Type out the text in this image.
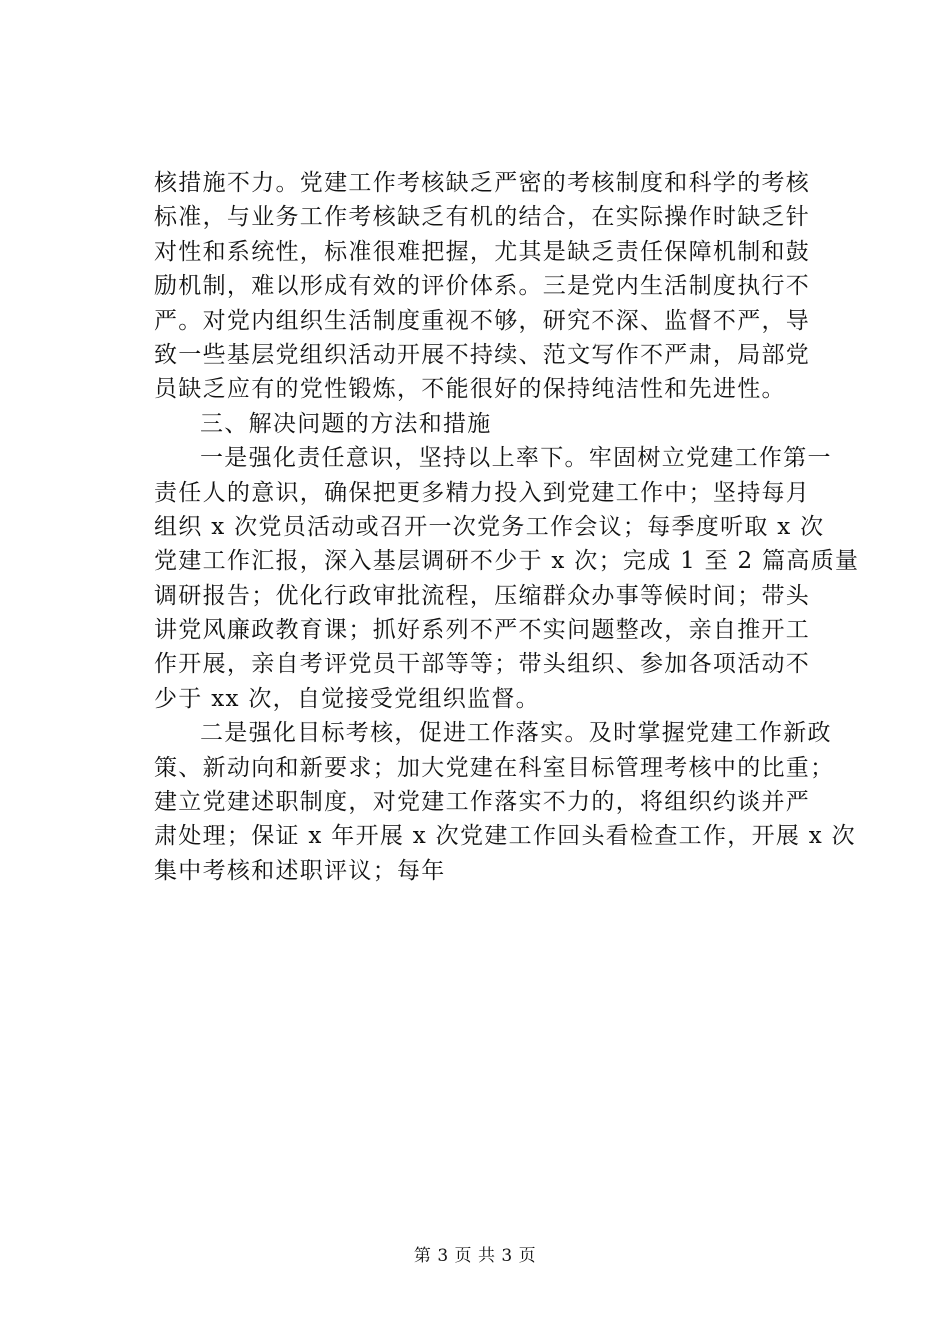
核措施不力。党建工作考核缺乏严密的考核制度和科学的考核
标准，与业务工作考核缺乏有机的结合，在实际操作时缺乏针
对性和系统性，标准很难把握，尤其是缺乏责任保障机制和鼓
励机制，难以形成有效的评价体系。三是党内生活制度执行不
严。对党内组织生活制度重视不够，研究不深、监督不严，导
致一些基层党组织活动开展不持续、范文写作不严肃，局部党
员缺乏应有的党性锻炼，不能很好的保持纯洁性和先进性。
三、解决问题的方法和措施
一是强化责任意识，坚持以上率下。牢固树立党建工作第一
责任人的意识，确保把更多精力投入到党建工作中；坚持每月
组织 x 次党员活动或召开一次党务工作会议；每季度听取 x 次
党建工作汇报，深入基层调研不少于 x 次；完成 1 至 2 篇高质量
调研报告；优化行政审批流程，压缩群众办事等候时间；带头
讲党风廉政教育课；抓好系列不严不实问题整改，亲自推开工
作开展，亲自考评党员干部等等；带头组织、参加各项活动不
少于 xx 次，自觉接受党组织监督。
二是强化目标考核，促进工作落实。及时掌握党建工作新政
策、新动向和新要求；加大党建在科室目标管理考核中的比重；
建立党建述职制度，对党建工作落实不力的，将组织约谈并严
肃处理；保证 x 年开展 x 次党建工作回头看检查工作，开展 x 次
集中考核和述职评议；每年
第 3 页 共 3 页
